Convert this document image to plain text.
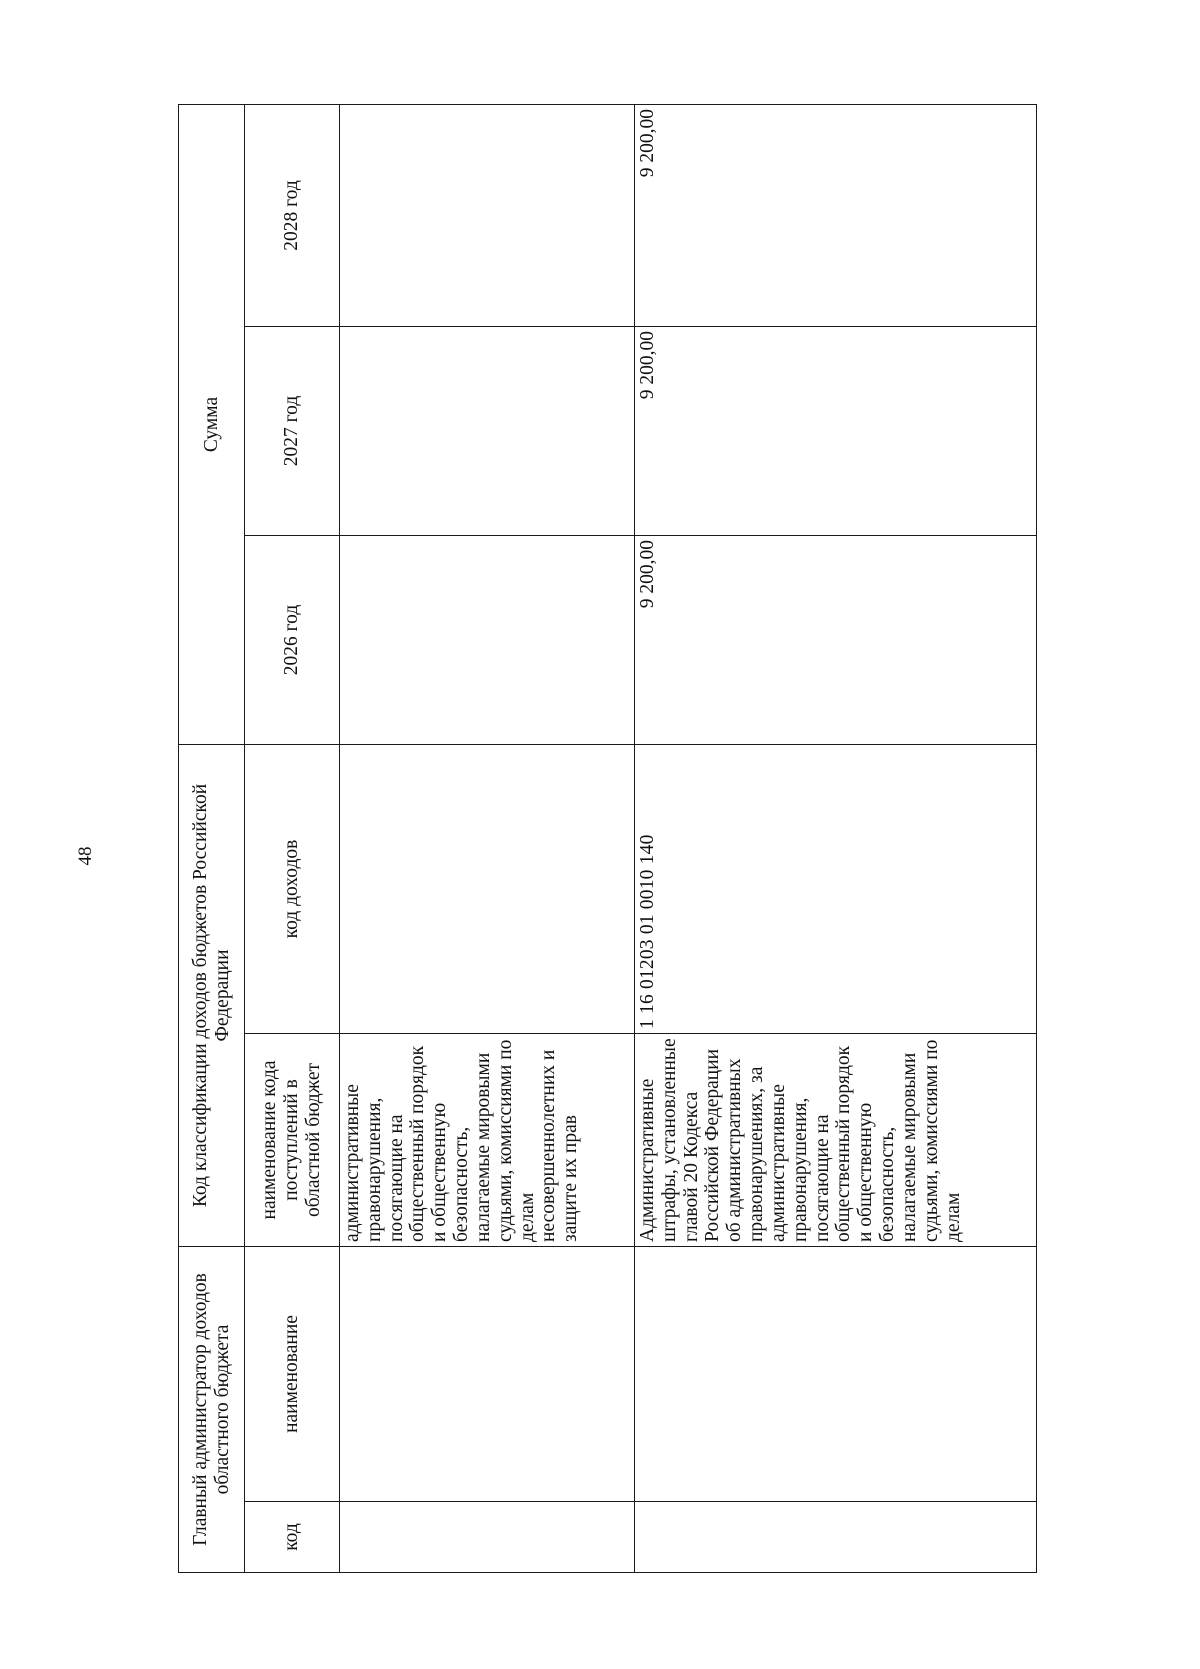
48
Главный администратор доходов областного бюджета		Код классификации доходов бюджетов Российской Федерации		Сумма		
код	наименование	наименование кода поступлений в областной бюджет	код доходов	2026 год	2027 год	2028 год
		административные правонарушения, посягающие на общественный порядок и общественную безопасность, налагаемые мировыми судьями, комиссиями по делам несовершеннолетних и защите их прав				
		Административные штрафы, установленные главой 20 Кодекса Российской Федерации об административных правонарушениях, за административные правонарушения, посягающие на общественный порядок и общественную безопасность, налагаемые мировыми судьями, комиссиями по делам	1 16 01203 01 0010 140	9 200,00	9 200,00	9 200,00
